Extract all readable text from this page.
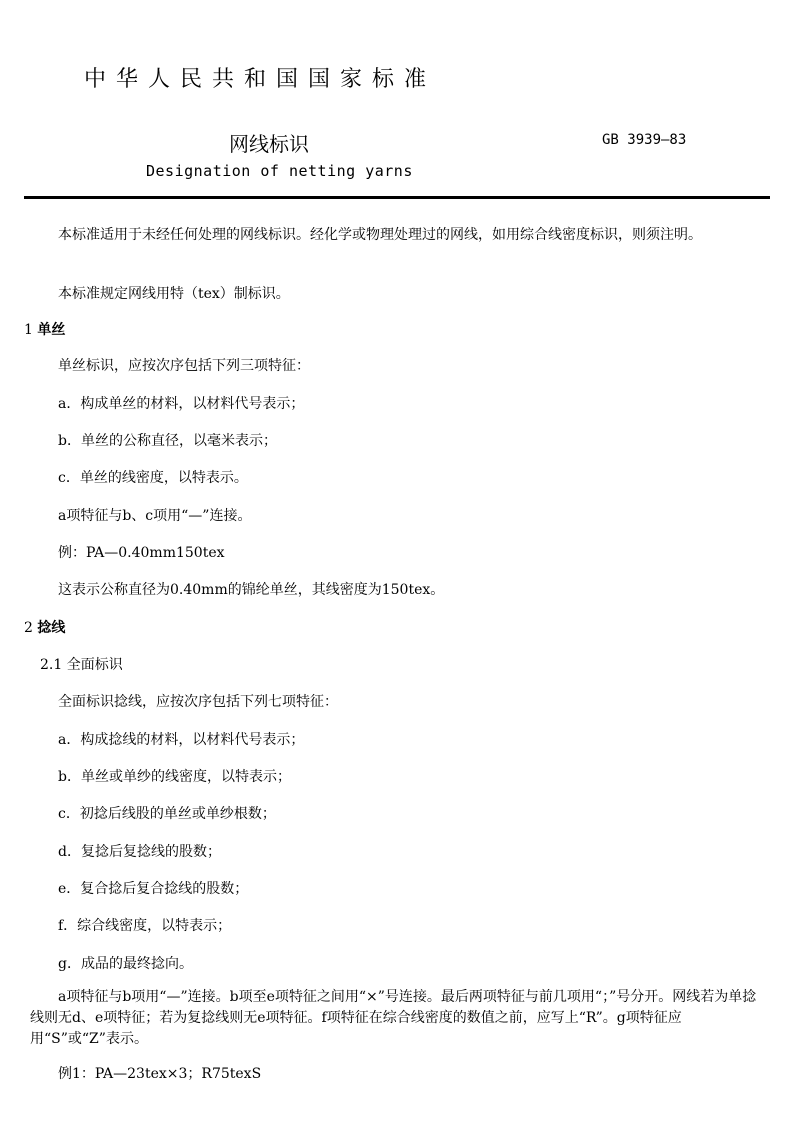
中华人民共和国国家标准
网线标识	GB 3939—83
Designation of netting yarns
本标准适用于未经任何处理的网线标识。经化学或物理处理过的网线，如用综合线密度标识，则须注明。
本标准规定网线用特（tex）制标识。
1 单丝
单丝标识，应按次序包括下列三项特征：
a．构成单丝的材料，以材料代号表示；
b．单丝的公称直径，以毫米表示；
c．单丝的线密度，以特表示。
a项特征与b、c项用“—”连接。
例：PA—0.40mm150tex
这表示公称直径为0.40mm的锦纶单丝，其线密度为150tex。
2 捻线
2.1 全面标识
全面标识捻线，应按次序包括下列七项特征：
a．构成捻线的材料，以材料代号表示；
b．单丝或单纱的线密度，以特表示；
c．初捻后线股的单丝或单纱根数；
d．复捻后复捻线的股数；
e．复合捻后复合捻线的股数；
f．综合线密度，以特表示；
g．成品的最终捻向。
a项特征与b项用“—”连接。b项至e项特征之间用“×”号连接。最后两项特征与前几项用“；”号分开。网线若为单捻线则无d、e项特征；若为复捻线则无e项特征。f项特征在综合线密度的数值之前，应写上“R”。g项特征应用“S”或“Z”表示。
例1：PA—23tex×3；R75texS
